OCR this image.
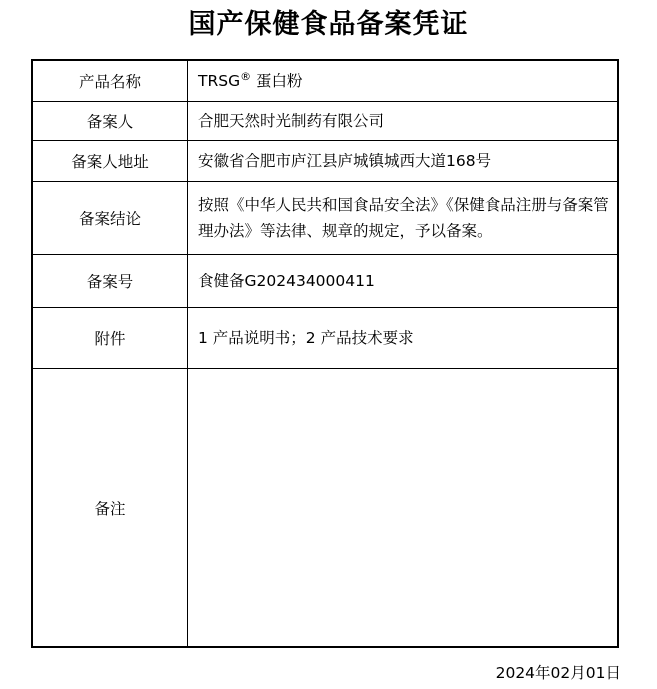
国产保健食品备案凭证
产品名称	TRSG® 蛋白粉
备案人	合肥天然时光制药有限公司
备案人地址	安徽省合肥市庐江县庐城镇城西大道168号
备案结论	按照《中华人民共和国食品安全法》《保健食品注册与备案管理办法》等法律、规章的规定，予以备案。
备案号	食健备G202434000411
附件	1 产品说明书；2 产品技术要求
备注	
2024年02月01日
